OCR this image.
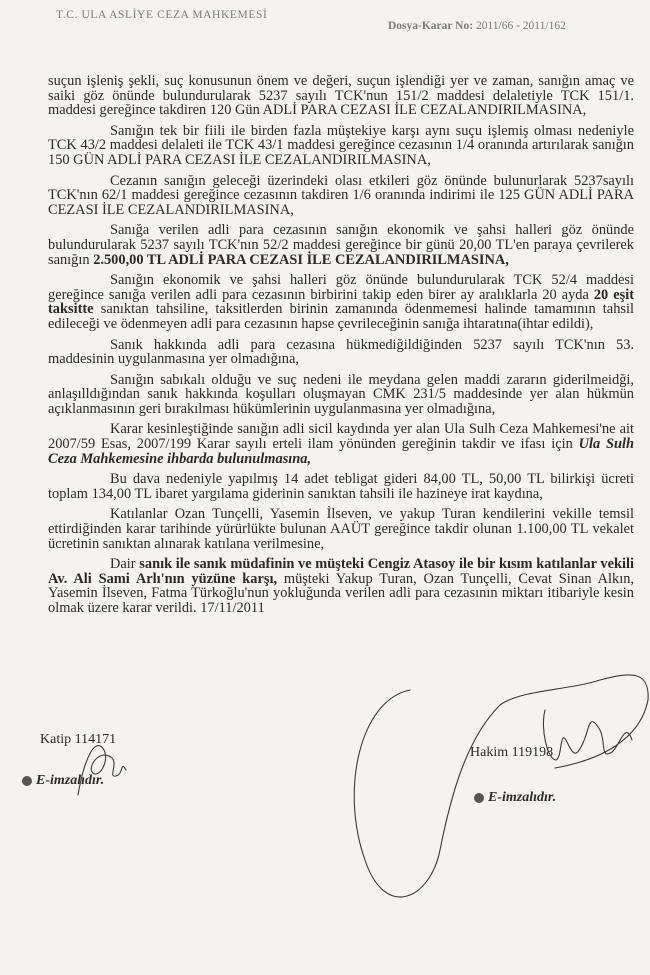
T.C. ULA ASLİYE CEZA MAHKEMESİ
Dosya-Karar No: 2011/66 - 2011/162

suçun işleniş şekli, suç konusunun önem ve değeri, suçun işlendiği yer ve zaman, sanığın amaç ve saiki göz önünde bulundurularak 5237 sayılı TCK'nun 151/2 maddesi delaletiyle TCK 151/1. maddesi gereğince takdiren 120 Gün ADLİ PARA CEZASI İLE CEZALANDIRILMASINA,

Sanığın tek bir fiili ile birden fazla müştekiye karşı aynı suçu işlemiş olması nedeniyle TCK 43/2 maddesi delaleti ile TCK 43/1 maddesi gereğince cezasının 1/4 oranında artırılarak sanığın 150 GÜN ADLİ PARA CEZASI İLE CEZALANDIRILMASINA,

Cezanın sanığın geleceği üzerindeki olası etkileri göz önünde bulunurlarak 5237sayılı TCK'nın 62/1 maddesi gereğince cezasının takdiren 1/6 oranında indirimi ile 125 GÜN ADLİ PARA CEZASI İLE CEZALANDIRILMASINA,

Sanığa verilen adli para cezasının sanığın ekonomik ve şahsi halleri göz önünde bulundurularak 5237 sayılı TCK'nın 52/2 maddesi gereğince bir günü 20,00 TL'en paraya çevrilerek sanığın 2.500,00 TL ADLİ PARA CEZASI İLE CEZALANDIRILMASINA,

Sanığın ekonomik ve şahsi halleri göz önünde bulundurularak TCK 52/4 maddesi gereğince sanığa verilen adli para cezasının birbirini takip eden birer ay aralıklarla 20 ayda 20 eşit taksitte sanıktan tahsiline, taksitlerden birinin zamanında ödenmemesi halinde tamamının tahsil edileceği ve ödenmeyen adli para cezasının hapse çevrileceğinin sanığa ihtaratına(ihtar edildi),

Sanık hakkında adli para cezasına hükmediğildiğinden 5237 sayılı TCK'nın 53. maddesinin uygulanmasına yer olmadığına,

Sanığın sabıkalı olduğu ve suç nedeni ile meydana gelen maddi zararın giderilmeidği, anlaşılldığından sanık hakkında koşulları oluşmayan CMK 231/5 maddesinde yer alan hükmün açıklanmasının geri bırakılması hükümlerinin uygulanmasına yer olmadığına,

Karar kesinleştiğinde sanığın adli sicil kaydında yer alan Ula Sulh Ceza Mahkemesi'ne ait 2007/59 Esas, 2007/199 Karar sayılı erteli ilam yönünden gereğinin takdir ve ifası için Ula Sulh Ceza Mahkemesine ihbarda bulunulmasına,

Bu dava nedeniyle yapılmış 14 adet tebligat gideri 84,00 TL, 50,00 TL bilirkişi ücreti toplam 134,00 TL ibaret yargılama giderinin sanıktan tahsili ile hazineye irat kaydına,

Katılanlar Ozan Tunçelli, Yasemin İlseven, ve yakup Turan kendilerini vekille temsil ettirdiğinden karar tarihinde yürürlükte bulunan AAÜT gereğince takdir olunan 1.100,00 TL vekalet ücretinin sanıktan alınarak katılana verilmesine,

Dair sanık ile sanık müdafinin ve müşteki Cengiz Atasoy ile bir kısım katılanlar vekili Av. Ali Sami Arlı'nın yüzüne karşı, müşteki Yakup Turan, Ozan Tunçelli, Cevat Sinan Alkın, Yasemin İlseven, Fatma Türkoğlu'nun yokluğunda verilen adli para cezasının miktarı itibariyle kesin olmak üzere karar verildi. 17/11/2011

Katip 114171
E-imzalıdır.
Hakim 119198
E-imzalıdır.
